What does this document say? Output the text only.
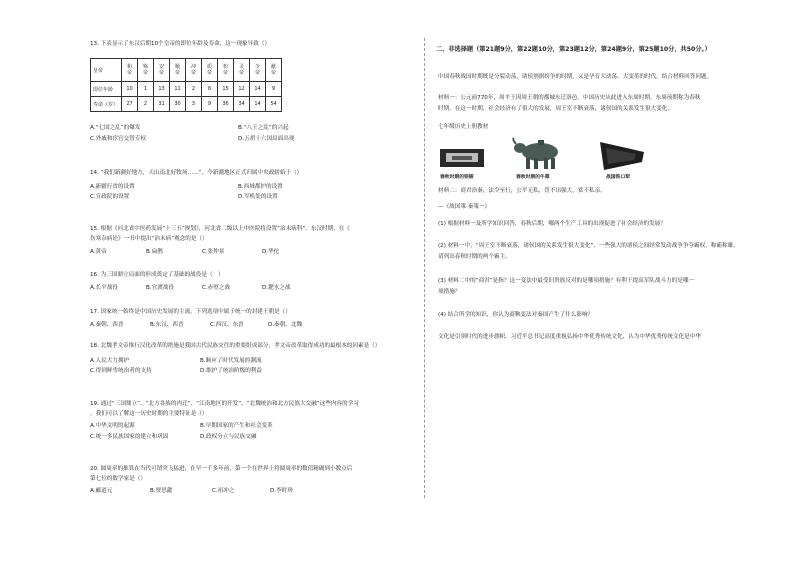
13. 下表显示了东汉后期10个皇帝的即位年龄及寿命，这一现象导致（）
皇帝	和帝	殇帝	安帝	顺帝	冲帝	质帝	桓帝	灵帝	少帝	献帝
即位年龄	10	1	13	11	2	8	15	12	14	9
寿命（岁）	27	2	31	30	3	9	36	34	14	54
A.“七国之乱”的爆发	B.“八王之乱”的兴起
C.外戚和宦官交替专权	D.五胡十六国局面出现
14. “我们新疆好地方，天山南北好牧场……”。今新疆地区正式归属中央政辖始于（）
A.新疆行省的设置	B.西域都护的设置
C.宣政院的设置	D.军机处的设置
15. 根据《河北省中医药发展“十三五”规划》，河北省二级以上中医院将设置“治未病科”。东汉时期，在《
伤寒杂病论》一书中提出“治未病”观念的是（）
A.黄帝	B.扁鹊	C.张仲景	D.华佗
16. 为三国鼎立局面的形成奠定了基础的战役是（　）
A.长平战役	B.官渡战役	C.赤壁之战	D.淝水之战
17. 国家统一始终是中国历史发展的主流。下列选项中属于统一的封建王朝是（）
A.秦朝、西晋	B.东汉、西晋	C.西汉、东晋	D.秦朝、北魏
18. 北魏孝文帝推行汉化改革的措施是我国古代民族交往的重要组成部分，孝文帝改革取得成功的最根本的因素是（）
A.人民大力拥护	B.顺应了时代发展的潮流
C.得到鲜卑统治者的支持	D.维护了统治阶级的利益
19. 通过“三国鼎立”、“北方各族的内迁”、“江南地区的开发”、“北魏统治和北方民族大交融”这些内容的学习
，我们可以了解这一历史时期的主要特征是（）
A.中华文明的起源	B.早期国家的产生和社会变革
C.统一多民族国家的建立和巩固	D.政权分立与民族交融
20. 圆周率的推算在当代可谓突飞猛进，在早一千多年前，第一个在世界上将圆周率的数值精确到小数点后
第七位的数学家是（）
A.郦道元	B.贾思勰	C.祖冲之	D.李时珍
二、非选择题（第21题9分，第22题10分，第23题12分，第24题9分，第25题10分，共50分。）
中国春秋战国时期既是分裂动荡、诸侯割据纷争的时期，又是孕育大动荡、大变革的时代，结合材料回答问题。
材料一：公元前770年，周平王因周王朝的都城东迁洛邑。中国历史从此进入东周时期。东周前期称为春秋
时期。在这一时期，社会经济有了很大的发展，周王室不断衰落，诸侯国的关系发生很大变化。
七年级历史上册教材
春秋时期的铁锸	春秋时期的牛尊	战国铁口犁
材料二：商君治秦，法令至行，公平无私，罚不讳强大，赏不私亲。
—《战国策·秦策一》
(1) 根据材料一及所学知识回答，春秋后期，哪两个生产工具的出现促进了社会经济的发展？
(2) 材料一中，“周王室不断衰落，诸侯国的关系发生很大变化”，一些强大的诸侯之间经常发动战争争夺霸权，称霸称雄。
请列出春秋时期的两个霸主。
(3) 材料二中的“商君”是指？这一变法中最受旧贵族反对的是哪项措施？有利于提高军队战斗力的是哪一
项措施？
(4) 结合所学的知识，你认为商鞅变法对秦国产生了什么影响？
文化是引领时代的进步旗帜。习近平总书记高度重视弘扬中华优秀传统文化，认为中华优秀传统文化是中华
